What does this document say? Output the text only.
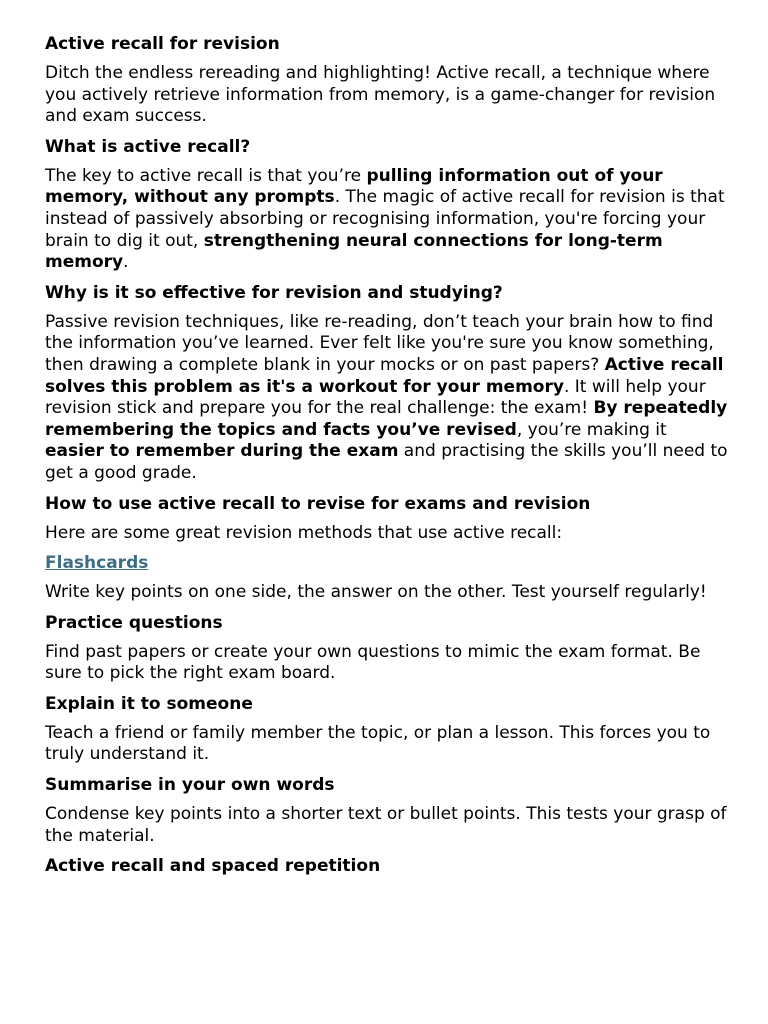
Active recall for revision

Ditch the endless rereading and highlighting! Active recall, a technique where you actively retrieve information from memory, is a game-changer for revision and exam success.

What is active recall?

The key to active recall is that you’re pulling information out of your memory, without any prompts. The magic of active recall for revision is that instead of passively absorbing or recognising information, you're forcing your brain to dig it out, strengthening neural connections for long-term memory.

Why is it so effective for revision and studying?

Passive revision techniques, like re-reading, don’t teach your brain how to find the information you’ve learned. Ever felt like you're sure you know something, then drawing a complete blank in your mocks or on past papers? Active recall solves this problem as it's a workout for your memory. It will help your revision stick and prepare you for the real challenge: the exam! By repeatedly remembering the topics and facts you’ve revised, you’re making it easier to remember during the exam and practising the skills you’ll need to get a good grade.

How to use active recall to revise for exams and revision

Here are some great revision methods that use active recall:

Flashcards

Write key points on one side, the answer on the other. Test yourself regularly!

Practice questions

Find past papers or create your own questions to mimic the exam format. Be sure to pick the right exam board.

Explain it to someone

Teach a friend or family member the topic, or plan a lesson. This forces you to truly understand it.

Summarise in your own words

Condense key points into a shorter text or bullet points. This tests your grasp of the material.

Active recall and spaced repetition
